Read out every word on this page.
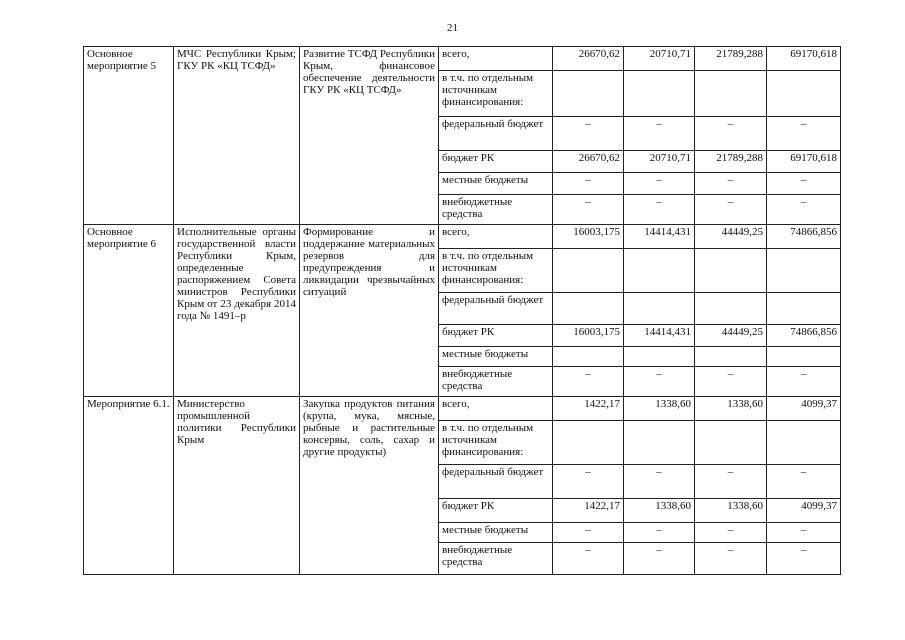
21
Основное мероприятие 5	МЧС Республики Крым; ГКУ РК «КЦ ТСФД»	Развитие ТСФД Республики Крым, финансовое обеспечение деятельности ГКУ РК «КЦ ТСФД»	всего,	26670,62	20710,71	21789,288	69170,618
			в т.ч. по отдельным источникам финансирования:				
			федеральный бюджет	–	–	–	–
			бюджет РК	26670,62	20710,71	21789,288	69170,618
			местные бюджеты	–	–	–	–
			внебюджетные средства	–	–	–	–
Основное мероприятие 6	Исполнительные органы государственной власти Республики Крым, определенные распоряжением Совета министров Республики Крым от 23 декабря 2014 года № 1491–р	Формирование и поддержание материальных резервов для предупреждения и ликвидации чрезвычайных ситуаций	всего,	16003,175	14414,431	44449,25	74866,856
			в т.ч. по отдельным источникам финансирования:				
			федеральный бюджет				
			бюджет РК	16003,175	14414,431	44449,25	74866,856
			местные бюджеты				
			внебюджетные средства	–	–	–	–
Мероприятие 6.1.	Министерство промышленной политики Республики Крым	Закупка продуктов питания (крупа, мука, мясные, рыбные и растительные консервы, соль, сахар и другие продукты)	всего,	1422,17	1338,60	1338,60	4099,37
			в т.ч. по отдельным источникам финансирования:				
			федеральный бюджет	–	–	–	–
			бюджет РК	1422,17	1338,60	1338,60	4099,37
			местные бюджеты	–	–	–	–
			внебюджетные средства	–	–	–	–
